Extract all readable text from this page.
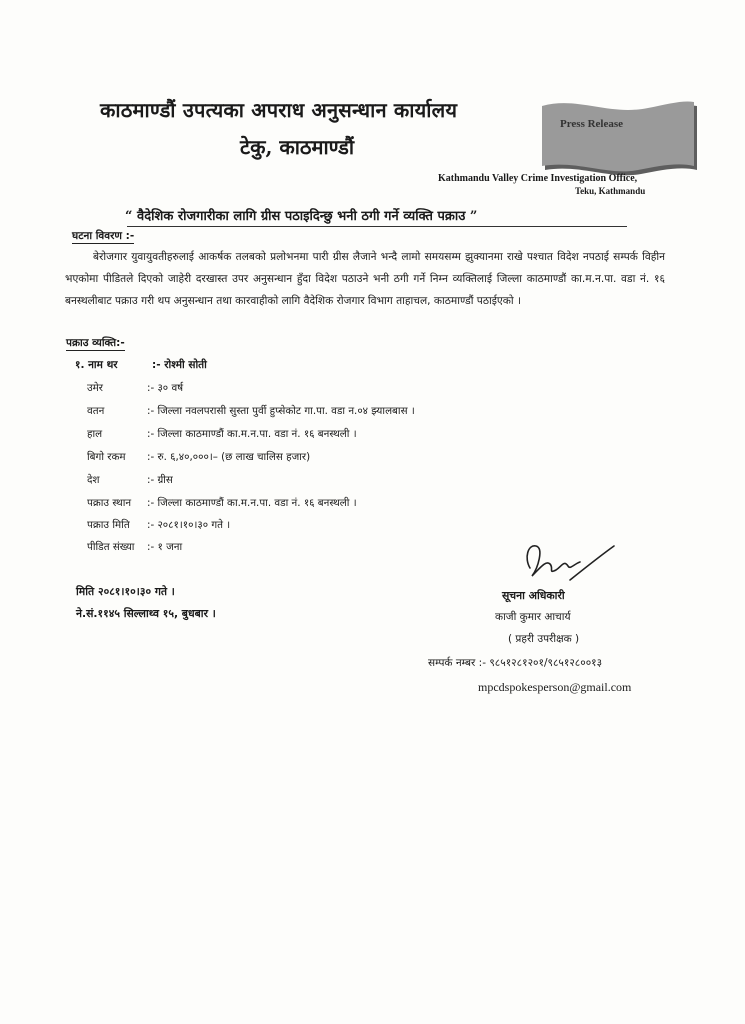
काठमाण्डौं उपत्यका अपराध अनुसन्धान कार्यालय
टेकु, काठमाण्डौं
Press Release
Kathmandu Valley Crime Investigation Office,
Teku, Kathmandu
“ वैदेशिक रोजगारीका लागि ग्रीस पठाइदिन्छु भनी ठगी गर्ने व्यक्ति पक्राउ ”
घटना विवरण :-
बेरोजगार युवायुवतीहरुलाई आकर्षक तलबको प्रलोभनमा पारी ग्रीस लैजाने भन्दै लामो समयसम्म झुक्यानमा राखे पश्चात विदेश नपठाई सम्पर्क विहीन भएकोमा पीडितले दिएको जाहेरी दरखास्त उपर अनुसन्धान हुँदा विदेश पठाउने भनी ठगी गर्ने निम्न व्यक्तिलाई जिल्ला काठमाण्डौं का.म.न.पा. वडा नं. १६ बनस्थलीबाट पक्राउ गरी थप अनुसन्धान तथा कारवाहीको लागि वैदेशिक रोजगार विभाग ताहाचल, काठमाण्डौं पठाईएको ।
पक्राउ व्यक्ति:-
१. नाम थर	:- रोश्मी सोती
उमेर	:- ३० वर्ष
वतन	:- जिल्ला नवलपरासी सुस्ता पुर्वी हुप्सेकोट गा.पा. वडा न.०४ झ्यालबास ।
हाल	:- जिल्ला काठमाण्डौं का.म.न.पा. वडा नं. १६ बनस्थली ।
बिगो रकम :- रु. ६,४०,०००।– (छ लाख चालिस हजार)
देश	:- ग्रीस
पक्राउ स्थान :- जिल्ला काठमाण्डौं का.म.न.पा. वडा नं. १६ बनस्थली ।
पक्राउ मिति :- २०८१।१०।३० गते ।
पीडित संख्या :- १ जना
मिति २०८१।१०।३० गते ।
ने.सं.११४५ सिल्लाथ्व १५, बुधबार ।
सूचना अधिकारी
काजी कुमार आचार्य
( प्रहरी उपरीक्षक )
सम्पर्क नम्बर :- ९८५१२८१२०१/९८५१२८००१३
mpcdspokesperson@gmail.com
